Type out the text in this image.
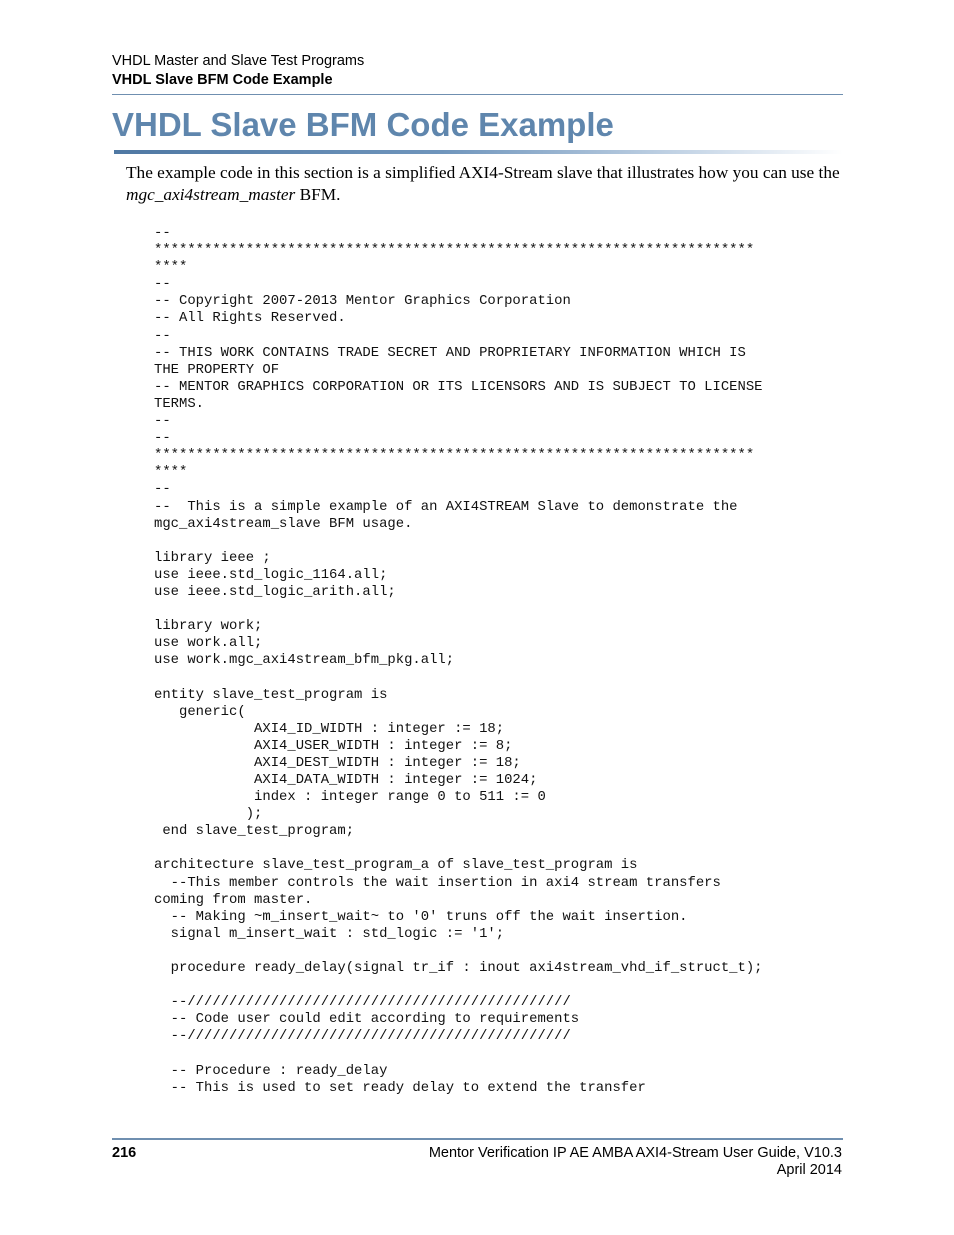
VHDL Master and Slave Test Programs
VHDL Slave BFM Code Example
VHDL Slave BFM Code Example

The example code in this section is a simplified AXI4-Stream slave that illustrates how you can use the mgc_axi4stream_master BFM.

--
************************************************************************
****
--
-- Copyright 2007-2013 Mentor Graphics Corporation
-- All Rights Reserved.
--
-- THIS WORK CONTAINS TRADE SECRET AND PROPRIETARY INFORMATION WHICH IS
THE PROPERTY OF
-- MENTOR GRAPHICS CORPORATION OR ITS LICENSORS AND IS SUBJECT TO LICENSE
TERMS.
--
--
************************************************************************
****
--
--  This is a simple example of an AXI4STREAM Slave to demonstrate the
mgc_axi4stream_slave BFM usage.

library ieee ;
use ieee.std_logic_1164.all;
use ieee.std_logic_arith.all;

library work;
use work.all;
use work.mgc_axi4stream_bfm_pkg.all;

entity slave_test_program is
generic(
AXI4_ID_WIDTH : integer := 18;
AXI4_USER_WIDTH : integer := 8;
AXI4_DEST_WIDTH : integer := 18;
AXI4_DATA_WIDTH : integer := 1024;
index : integer range 0 to 511 := 0
);
end slave_test_program;

architecture slave_test_program_a of slave_test_program is
--This member controls the wait insertion in axi4 stream transfers
coming from master.
-- Making ~m_insert_wait~ to '0' truns off the wait insertion.
signal m_insert_wait : std_logic := '1';

procedure ready_delay(signal tr_if : inout axi4stream_vhd_if_struct_t);

--//////////////////////////////////////////////
-- Code user could edit according to requirements
--//////////////////////////////////////////////

-- Procedure : ready_delay
-- This is used to set ready delay to extend the transfer
216	Mentor Verification IP AE AMBA AXI4-Stream User Guide, V10.3
April 2014
